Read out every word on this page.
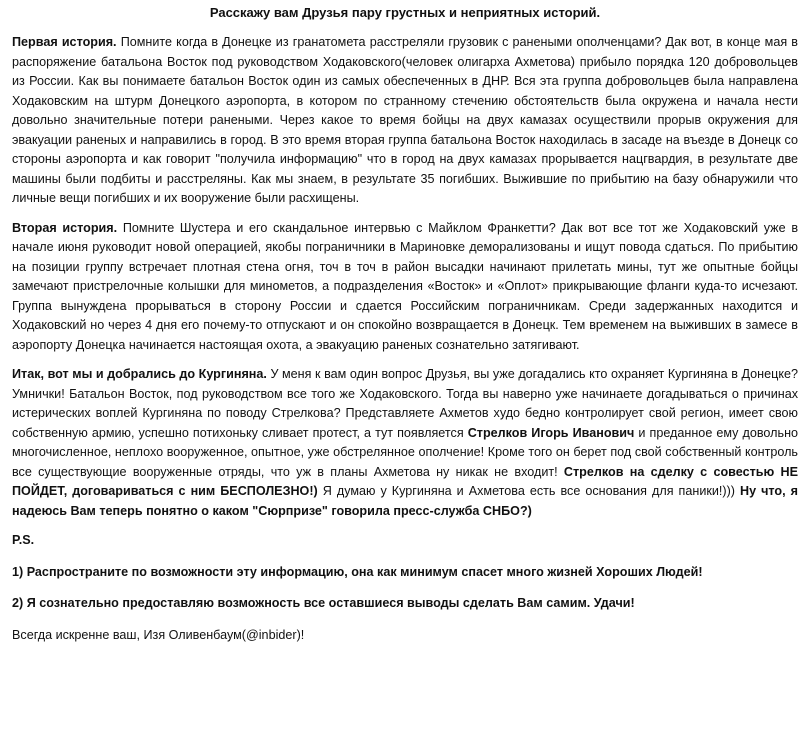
Расскажу вам Друзья пару грустных и неприятных историй.

Первая история. Помните когда в Донецке из гранатомета расстреляли грузовик с ранеными ополченцами? Дак вот, в конце мая в распоряжение батальона Восток под руководством Ходаковского(человек олигарха Ахметова) прибыло порядка 120 добровольцев из России. Как вы понимаете батальон Восток один из самых обеспеченных в ДНР. Вся эта группа добровольцев была направлена Ходаковским на штурм Донецкого аэропорта, в котором по странному стечению обстоятельств была окружена и начала нести довольно значительные потери ранеными. Через какое то время бойцы на двух камазах осуществили прорыв окружения для эвакуации раненых и направились в город. В это время вторая группа батальона Восток находилась в засаде на въезде в Донецк со стороны аэропорта и как говорит "получила информацию" что в город на двух камазах прорывается нацгвардия, в результате две машины были подбиты и расстреляны. Как мы знаем, в результате 35 погибших. Выжившие по прибытию на базу обнаружили что личные вещи погибших и их вооружение были расхищены.

Вторая история. Помните Шустера и его скандальное интервью с Майклом Франкетти? Дак вот все тот же Ходаковский уже в начале июня руководит новой операцией, якобы пограничники в Мариновке деморализованы и ищут повода сдаться. По прибытию на позиции группу встречает плотная стена огня, точ в точ в район высадки начинают прилетать мины, тут же опытные бойцы замечают пристрелочные колышки для минометов, а подразделения «Восток» и «Оплот» прикрывающие фланги куда-то исчезают. Группа вынуждена прорываться в сторону России и сдается Российским пограничникам. Среди задержанных находится и Ходаковский но через 4 дня его почему-то отпускают и он спокойно возвращается в Донецк. Тем временем на выживших в замесе в аэропорту Донецка начинается настоящая охота, а эвакуацию раненых сознательно затягивают.

Итак, вот мы и добрались до Кургиняна. У меня к вам один вопрос Друзья, вы уже догадались кто охраняет Кургиняна в Донецке? Умнички! Батальон Восток, под руководством все того же Ходаковского. Тогда вы наверно уже начинаете догадываться о причинах истерических воплей Кургиняна по поводу Стрелкова? Представляете Ахметов худо бедно контролирует свой регион, имеет свою собственную армию, успешно потихоньку сливает протест, а тут появляется Стрелков Игорь Иванович и преданное ему довольно многочисленное, неплохо вооруженное, опытное, уже обстрелянное ополчение! Кроме того он берет под свой собственный контроль все существующие вооруженные отряды, что уж в планы Ахметова ну никак не входит! Стрелков на сделку с совестью НЕ ПОЙДЕТ, договариваться с ним БЕСПОЛЕЗНО!) Я думаю у Кургиняна и Ахметова есть все основания для паники!))) Ну что, я надеюсь Вам теперь понятно о каком "Сюрпризе" говорила пресс-служба СНБО?)

P.S.

1) Распространите по возможности эту информацию, она как минимум спасет много жизней Хороших Людей!

2) Я сознательно предоставляю возможность все оставшиеся выводы сделать Вам самим. Удачи!

Всегда искренне ваш, Изя Оливенбаум(@inbider)!
